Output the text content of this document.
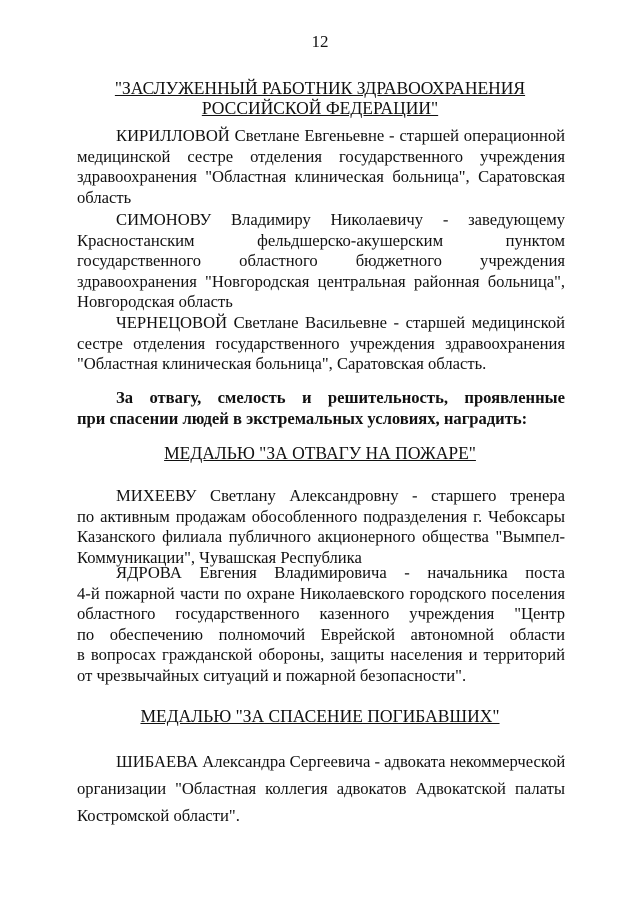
12
"ЗАСЛУЖЕННЫЙ РАБОТНИК ЗДРАВООХРАНЕНИЯ
РОССИЙСКОЙ ФЕДЕРАЦИИ"
КИРИЛЛОВОЙ Светлане Евгеньевне - старшей операционной
медицинской сестре отделения государственного учреждения
здравоохранения "Областная клиническая больница", Саратовская
область
СИМОНОВУ Владимиру Николаевичу - заведующему
Красностанским фельдшерско-акушерским пунктом
государственного областного бюджетного учреждения
здравоохранения "Новгородская центральная районная больница",
Новгородская область
ЧЕРНЕЦОВОЙ Светлане Васильевне - старшей медицинской
сестре отделения государственного учреждения здравоохранения
"Областная клиническая больница", Саратовская область.
За отвагу, смелость и решительность, проявленные
при спасении людей в экстремальных условиях, наградить:
МЕДАЛЬЮ "ЗА ОТВАГУ НА ПОЖАРЕ"
МИХЕЕВУ Светлану Александровну - старшего тренера
по активным продажам обособленного подразделения г. Чебоксары
Казанского филиала публичного акционерного общества "Вымпел-
Коммуникации", Чувашская Республика
ЯДРОВА Евгения Владимировича - начальника поста
4-й пожарной части по охране Николаевского городского поселения
областного государственного казенного учреждения "Центр
по обеспечению полномочий Еврейской автономной области
в вопросах гражданской обороны, защиты населения и территорий
от чрезвычайных ситуаций и пожарной безопасности".
МЕДАЛЬЮ "ЗА СПАСЕНИЕ ПОГИБАВШИХ"
ШИБАЕВА Александра Сергеевича - адвоката некоммерческой
организации "Областная коллегия адвокатов Адвокатской палаты
Костромской области".
